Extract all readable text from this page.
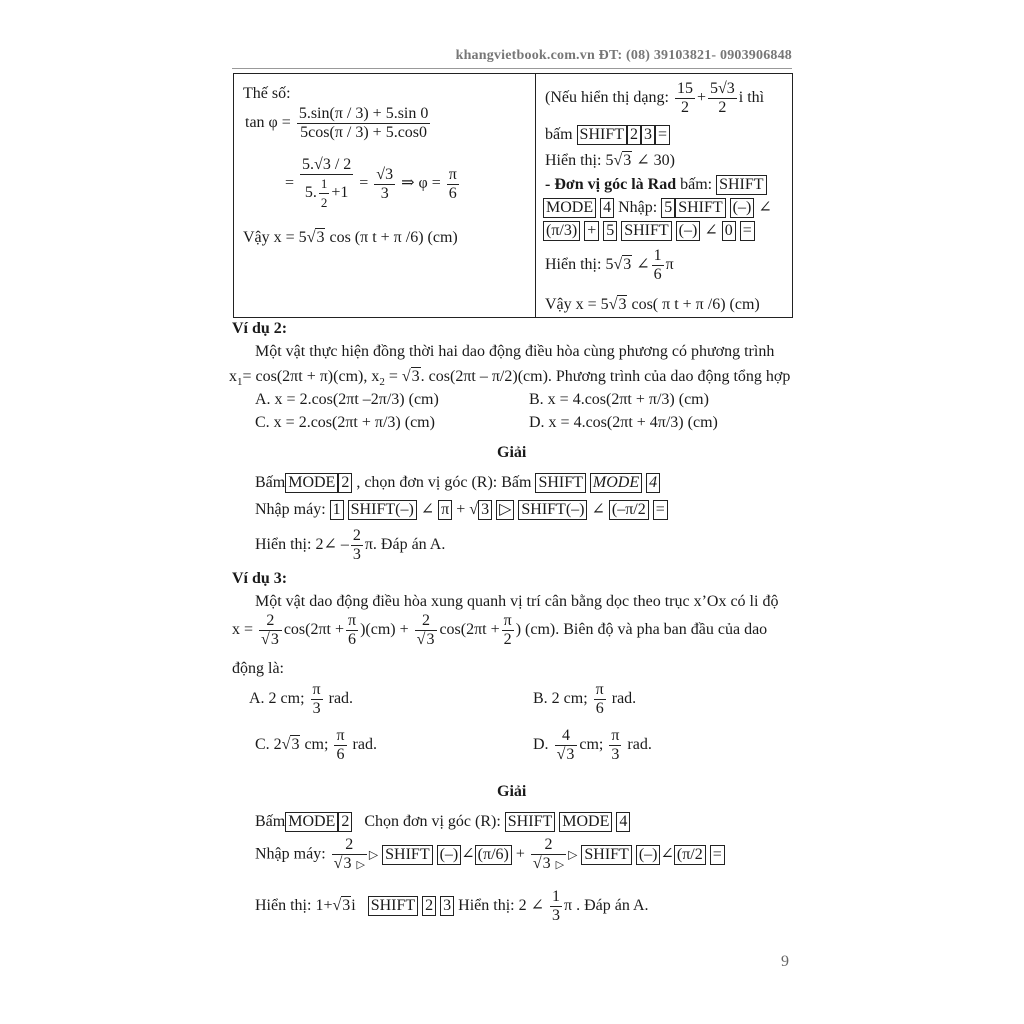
khangvietbook.com.vn ĐT: (08) 39103821- 0903906848
Thế số:
$\tan \varphi = \frac{5.\sin(\pi / 3) + 5.\sin 0}{5\cos(\pi / 3) + 5.\cos 0}$
= $\frac{5.√3 / 2}{5. \frac{1}{2} +1} = \frac{√3}{3}$ ⇒ $\varphi = \frac{\pi}{6}$
Vậy x = 5√3 cos (π t + π /6) (cm)
(Nếu hiển thị dạng: $\frac{15}{2} + \frac{5√3}{2}$ i thì
bấm SHIFT 2 3 =
Hiển thị: 5√3 ∠ 30)
- Đơn vị góc là Rad bấm: SHIFT
MODE 4 Nhập: 5 SHIFT (–) ∠
(π/3) + 5 SHIFT (–) ∠ 0 =
Hiển thị: 5√3 ∠ $\frac{1}{6}$ π
Vậy x = 5√3 cos( π t + π /6) (cm)
Ví dụ 2:
Một vật thực hiện đồng thời hai dao động điều hòa cùng phương có phương trình
$x_1= \cos(2\pi t + \pi)(cm)$, $x_2 = √3$. cos(2πt – π/2)(cm). Phương trình của dao động tổng hợp
A. x = 2.cos(2πt –2π/3) (cm)	B. x = 4.cos(2πt + π/3) (cm)
C. x = 2.cos(2πt + π/3) (cm)	D. x = 4.cos(2πt + 4π/3) (cm)
Giải
Bấm MODE 2 , chọn đơn vị góc (R): Bấm SHIFT MODE 4
Nhập máy: 1 SHIFT(–) ∠ π + √ 3 ▷ SHIFT(–) ∠ (–π/2 =
Hiển thị: 2∠ – $\frac{2}{3} \pi$. Đáp án A.
Ví dụ 3:
Một vật dao động điều hòa xung quanh vị trí cân bằng dọc theo trục x’Ox có li độ
$x = \frac{2}{√3} \cos(2\pi t + \frac{\pi}{6} )(cm) + \frac{2}{√3} \cos(2\pi t + \frac{\pi}{2}$ ) (cm). Biên độ và pha ban đầu của dao
động là:
A. 2 cm; $\frac{\pi}{3}$ rad.	B. 2 cm; $\frac{\pi}{6}$ rad.
C. 2√3 cm; $\frac{\pi}{6}$ rad.	D. $\frac{4}{√3}$ cm; $\frac{\pi}{3}$ rad.
Giải
Bấm MODE 2 Chọn đơn vị góc (R): SHIFT MODE 4
Nhập máy: $\frac{2}{√3 ▷}$ ▷ SHIFT (–) ∠ $(\pi/6) + \frac{2}{√3 ▷}$ ▷ SHIFT (–) ∠ (π/2 =
Hiển thị: 1+√3i SHIFT 2 3 Hiển thị: 2 ∠ $\frac{1}{3}$ π . Đáp án A.
9
